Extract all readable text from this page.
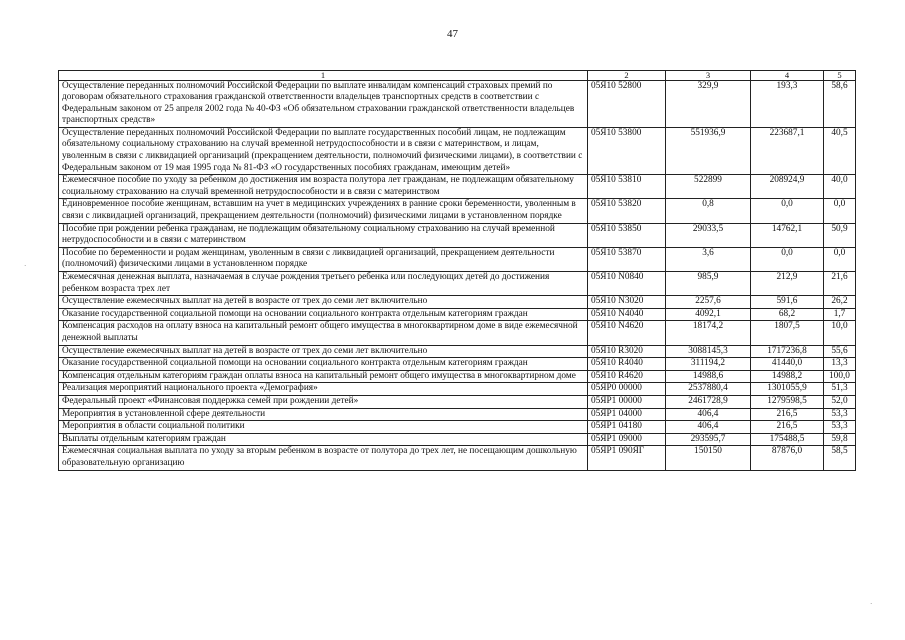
47
1	2	3	4	5
Осуществление переданных полномочий Российской Федерации по выплате инвалидам компенсаций страховых премий по договорам обязательного страхования гражданской ответственности владельцев транспортных средств в соответствии с Федеральным законом от 25 апреля 2002 года № 40-ФЗ «Об обязательном страховании гражданской ответственности владельцев транспортных средств»	05Я10 52800	329,9	193,3	58,6
Осуществление переданных полномочий Российской Федерации по выплате государственных пособий лицам, не подлежащим обязательному социальному страхованию на случай временной нетрудоспособности и в связи с материнством, и лицам, уволенным в связи с ликвидацией организаций (прекращением деятельности, полномочий физическими лицами), в соответствии с Федеральным законом от 19 мая 1995 года № 81-ФЗ «О государственных пособиях гражданам, имеющим детей»	05Я10 53800	551936,9	223687,1	40,5
Ежемесячное пособие по уходу за ребенком до достижения им возраста полутора лет гражданам, не подлежащим обязательному социальному страхованию на случай временной нетрудоспособности и в связи с материнством	05Я10 53810	522899	208924,9	40,0
Единовременное пособие женщинам, вставшим на учет в медицинских учреждениях в ранние сроки беременности, уволенным в связи с ликвидацией организаций, прекращением деятельности (полномочий) физическими лицами в установленном порядке	05Я10 53820	0,8	0,0	0,0
Пособие при рождении ребенка гражданам, не подлежащим обязательному социальному страхованию на случай временной нетрудоспособности и в связи с материнством	05Я10 53850	29033,5	14762,1	50,9
Пособие по беременности и родам женщинам, уволенным в связи с ликвидацией организаций, прекращением деятельности (полномочий) физическими лицами в установленном порядке	05Я10 53870	3,6	0,0	0,0
Ежемесячная денежная выплата, назначаемая в случае рождения третьего ребенка или последующих детей до достижения ребенком возраста трех лет	05Я10 N0840	985,9	212,9	21,6
Осуществление ежемесячных выплат на детей в возрасте от трех до семи лет включительно	05Я10 N3020	2257,6	591,6	26,2
Оказание государственной социальной помощи на основании социального контракта отдельным категориям граждан	05Я10 N4040	4092,1	68,2	1,7
Компенсация расходов на оплату взноса на капитальный ремонт общего имущества в многоквартирном доме в виде ежемесячной денежной выплаты	05Я10 N4620	18174,2	1807,5	10,0
Осуществление ежемесячных выплат на детей в возрасте от трех до семи лет включительно	05Я10 R3020	3088145,3	1717236,8	55,6
Оказание государственной социальной помощи на основании социального контракта отдельным категориям граждан	05Я10 R4040	311194,2	41440,0	13,3
Компенсация отдельным категориям граждан оплаты взноса на капитальный ремонт общего имущества в многоквартирном доме	05Я10 R4620	14988,6	14988,2	100,0
Реализация мероприятий национального проекта «Демография»	05ЯР0 00000	2537880,4	1301055,9	51,3
Федеральный проект «Финансовая поддержка семей при рождении детей»	05ЯР1 00000	2461728,9	1279598,5	52,0
Мероприятия в установленной сфере деятельности	05ЯР1 04000	406,4	216,5	53,3
Мероприятия в области социальной политики	05ЯР1 04180	406,4	216,5	53,3
Выплаты отдельным категориям граждан	05ЯР1 09000	293595,7	175488,5	59,8
Ежемесячная социальная выплата по уходу за вторым ребенком в возрасте от полутора до трех лет, не посещающим дошкольную образовательную организацию	05ЯР1 090ЯГ	150150	87876,0	58,5
·
·
